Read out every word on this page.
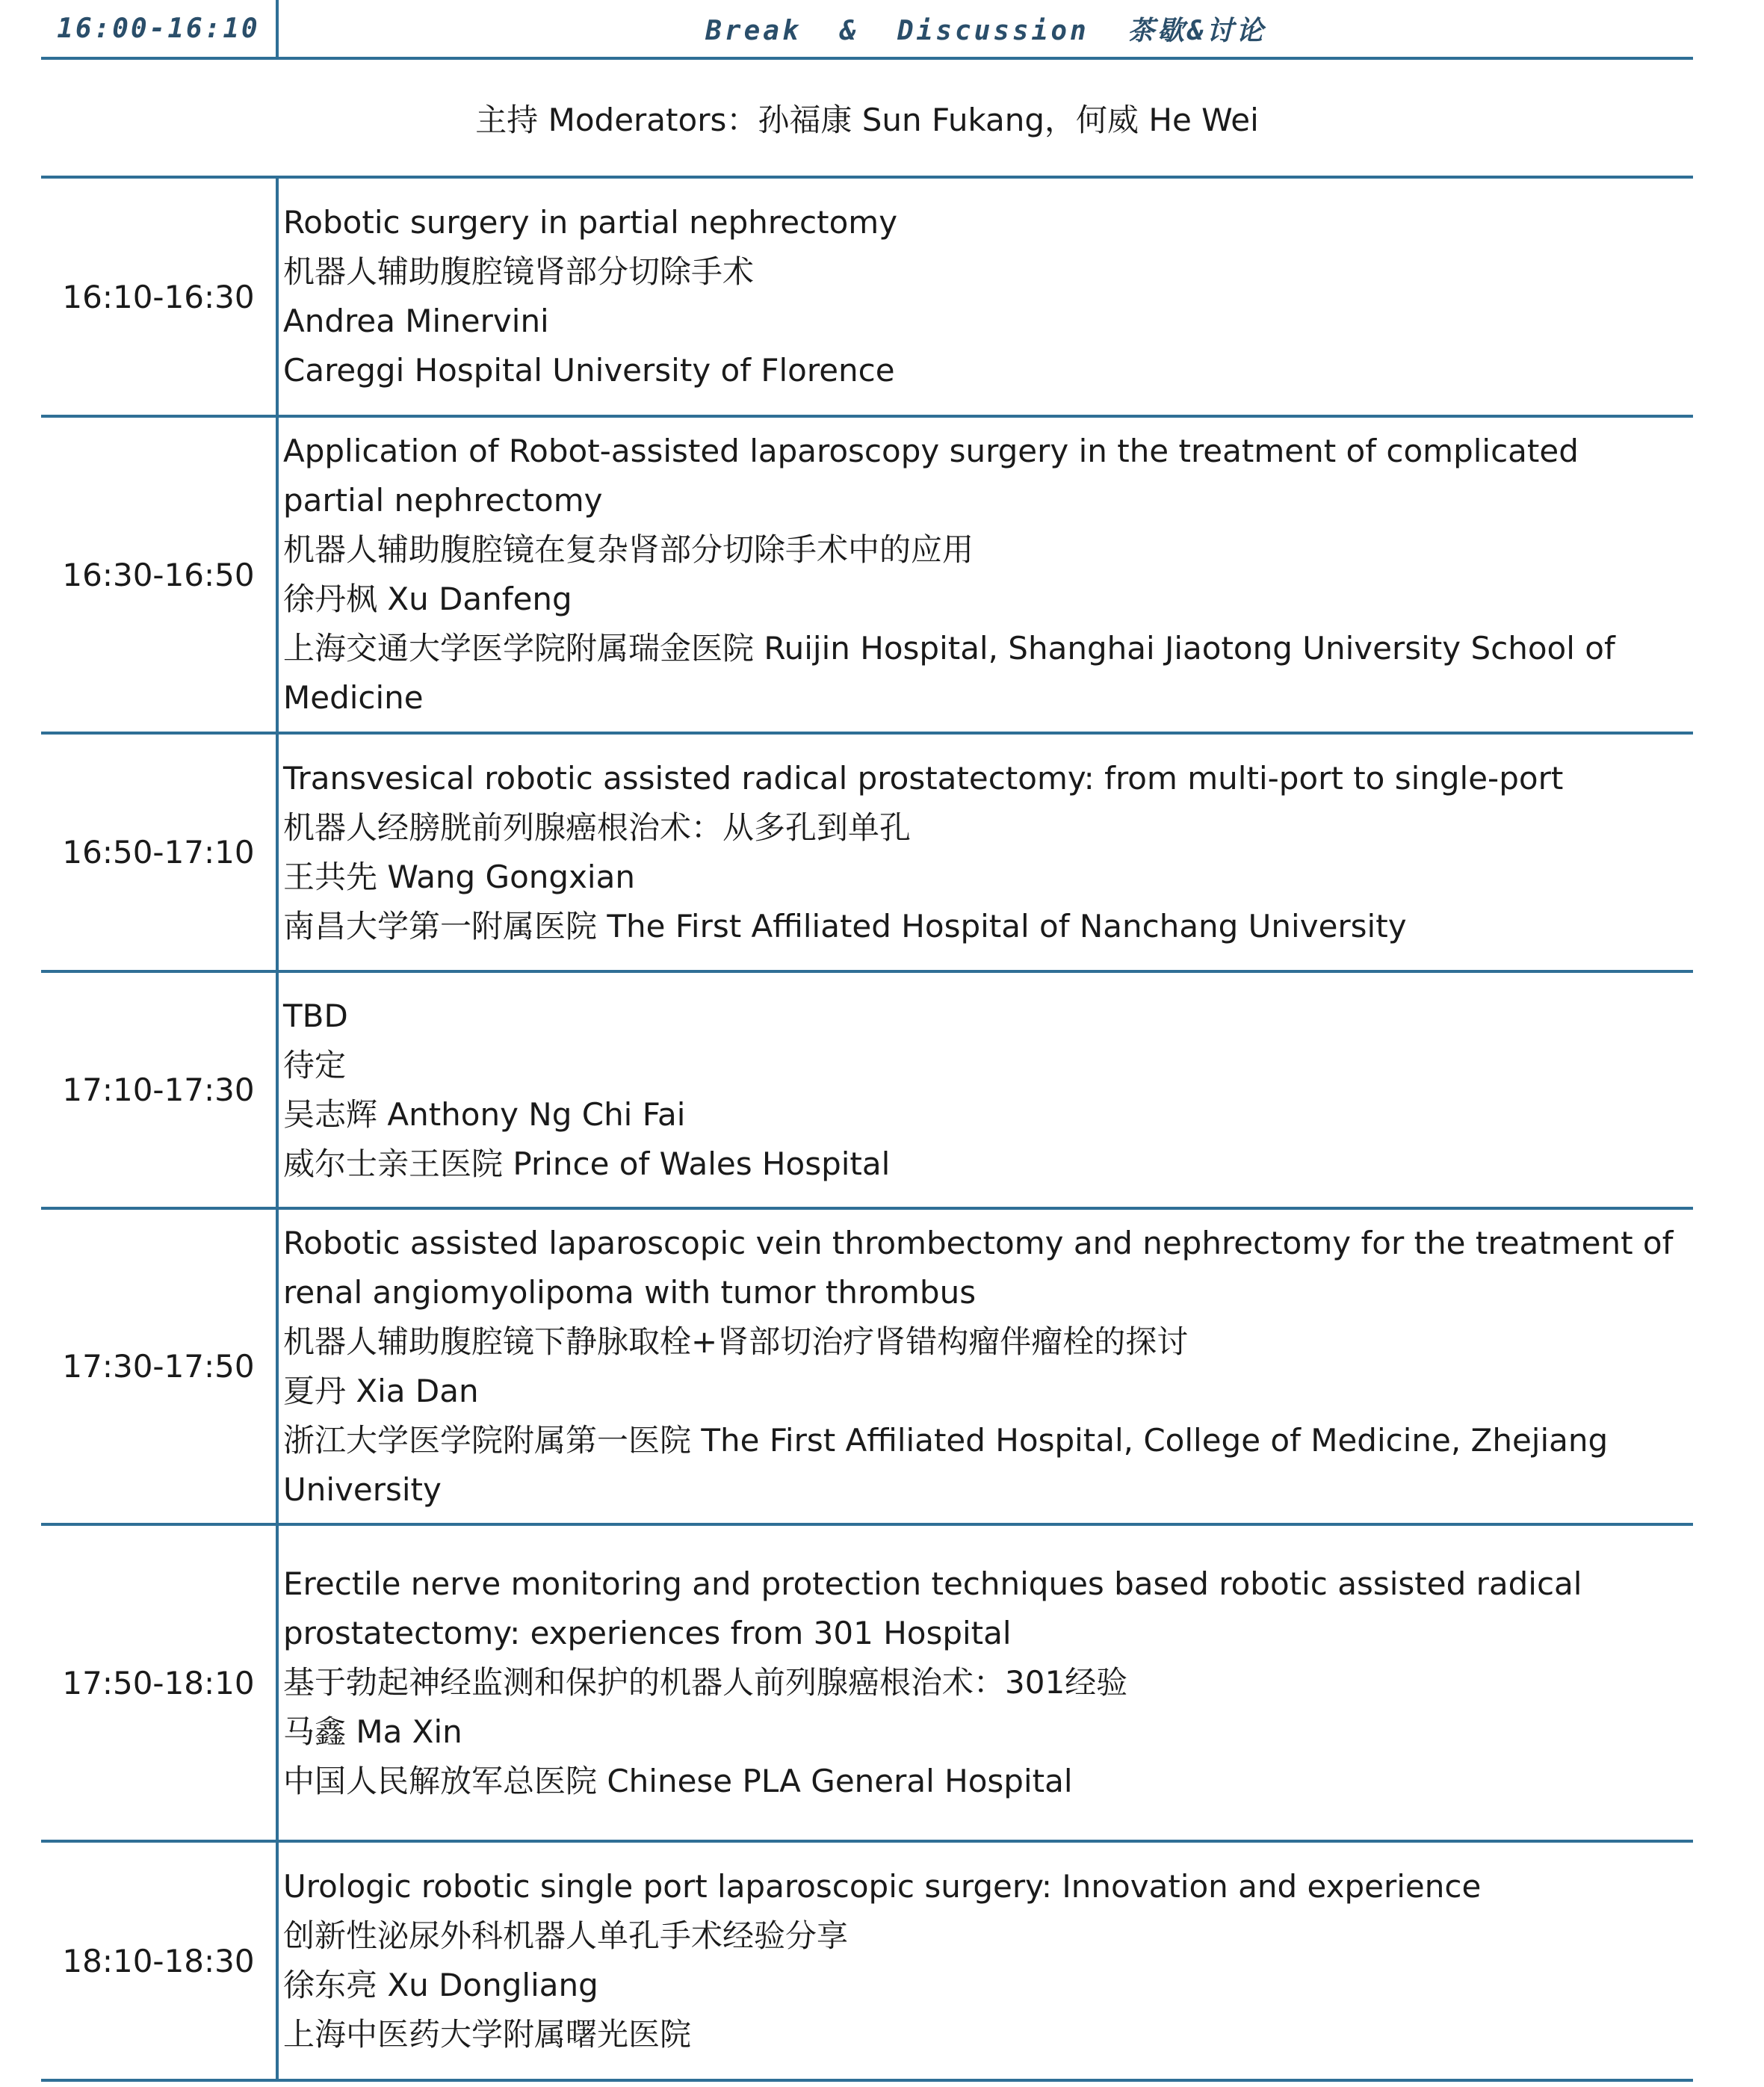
16:00-16:10	Break  &  Discussion  茶歇&讨论
主持 Moderators：孙福康 Sun Fukang，何威 He Wei
16:10-16:30
Robotic surgery in partial nephrectomy
机器人辅助腹腔镜肾部分切除手术
Andrea Minervini
Careggi Hospital University of Florence
16:30-16:50
Application of Robot-assisted laparoscopy surgery in the treatment of complicated
partial nephrectomy
机器人辅助腹腔镜在复杂肾部分切除手术中的应用
徐丹枫 Xu Danfeng
上海交通大学医学院附属瑞金医院 Ruijin Hospital, Shanghai Jiaotong University School of
Medicine
16:50-17:10
Transvesical robotic assisted radical prostatectomy: from multi-port to single-port
机器人经膀胱前列腺癌根治术：从多孔到单孔
王共先 Wang Gongxian
南昌大学第一附属医院 The First Affiliated Hospital of Nanchang University
17:10-17:30
TBD
待定
吴志辉 Anthony Ng Chi Fai
威尔士亲王医院 Prince of Wales Hospital
17:30-17:50
Robotic assisted laparoscopic vein thrombectomy and nephrectomy for the treatment of
renal angiomyolipoma with tumor thrombus
机器人辅助腹腔镜下静脉取栓+肾部切治疗肾错构瘤伴瘤栓的探讨
夏丹 Xia Dan
浙江大学医学院附属第一医院 The First Affiliated Hospital, College of Medicine, Zhejiang
University
17:50-18:10
Erectile nerve monitoring and protection techniques based robotic assisted radical
prostatectomy: experiences from 301 Hospital
基于勃起神经监测和保护的机器人前列腺癌根治术：301经验
马鑫 Ma Xin
中国人民解放军总医院 Chinese PLA General Hospital
18:10-18:30
Urologic robotic single port laparoscopic surgery: Innovation and experience
创新性泌尿外科机器人单孔手术经验分享
徐东亮 Xu Dongliang
上海中医药大学附属曙光医院
